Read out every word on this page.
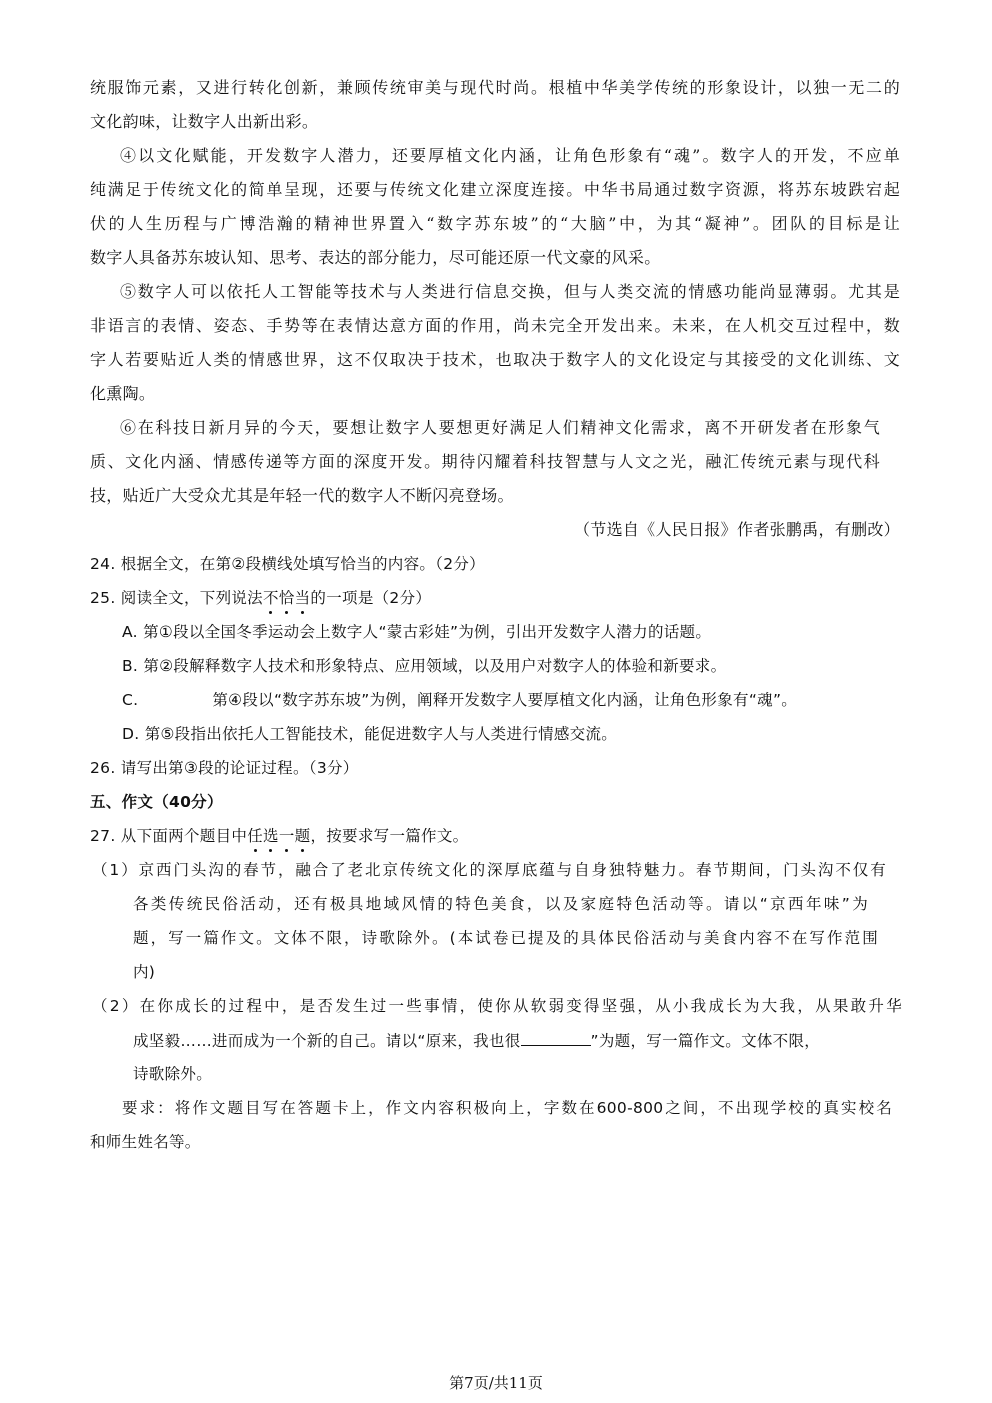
统服饰元素，又进行转化创新，兼顾传统审美与现代时尚。根植中华美学传统的形象设计，以独一无二的
文化韵味，让数字人出新出彩。
④以文化赋能，开发数字人潜力，还要厚植文化内涵，让角色形象有“魂”。数字人的开发，不应单
纯满足于传统文化的简单呈现，还要与传统文化建立深度连接。中华书局通过数字资源，将苏东坡跌宕起
伏的人生历程与广博浩瀚的精神世界置入“数字苏东坡”的“大脑”中，为其“凝神”。团队的目标是让
数字人具备苏东坡认知、思考、表达的部分能力，尽可能还原一代文豪的风采。
⑤数字人可以依托人工智能等技术与人类进行信息交换，但与人类交流的情感功能尚显薄弱。尤其是
非语言的表情、姿态、手势等在表情达意方面的作用，尚未完全开发出来。未来，在人机交互过程中，数
字人若要贴近人类的情感世界，这不仅取决于技术，也取决于数字人的文化设定与其接受的文化训练、文
化熏陶。
⑥在科技日新月异的今天，要想让数字人要想更好满足人们精神文化需求，离不开研发者在形象气
质、文化内涵、情感传递等方面的深度开发。期待闪耀着科技智慧与人文之光，融汇传统元素与现代科
技，贴近广大受众尤其是年轻一代的数字人不断闪亮登场。
（节选自《人民日报》作者张鹏禹，有删改）
24. 根据全文，在第②段横线处填写恰当的内容。（2分）
25. 阅读全文，下列说法不恰当的一项是（2分）
A. 第①段以全国冬季运动会上数字人“蒙古彩娃”为例，引出开发数字人潜力的话题。
B. 第②段解释数字人技术和形象特点、应用领域，以及用户对数字人的体验和新要求。
C.	第④段以“数字苏东坡”为例，阐释开发数字人要厚植文化内涵，让角色形象有“魂”。
D. 第⑤段指出依托人工智能技术，能促进数字人与人类进行情感交流。
26. 请写出第③段的论证过程。（3分）
五、作文（40分）
27. 从下面两个题目中任选一题，按要求写一篇作文。
（1）京西门头沟的春节，融合了老北京传统文化的深厚底蕴与自身独特魅力。春节期间，门头沟不仅有
各类传统民俗活动，还有极具地域风情的特色美食，以及家庭特色活动等。请以“京西年味”为
题，写一篇作文。文体不限，诗歌除外。(本试卷已提及的具体民俗活动与美食内容不在写作范围
内)
（2）在你成长的过程中，是否发生过一些事情，使你从软弱变得坚强，从小我成长为大我，从果敢升华
成坚毅……进而成为一个新的自己。请以“原来，我也很	”为题，写一篇作文。文体不限，
诗歌除外。
要求：将作文题目写在答题卡上，作文内容积极向上，字数在600-800之间，不出现学校的真实校名
和师生姓名等。
第7页/共11页
